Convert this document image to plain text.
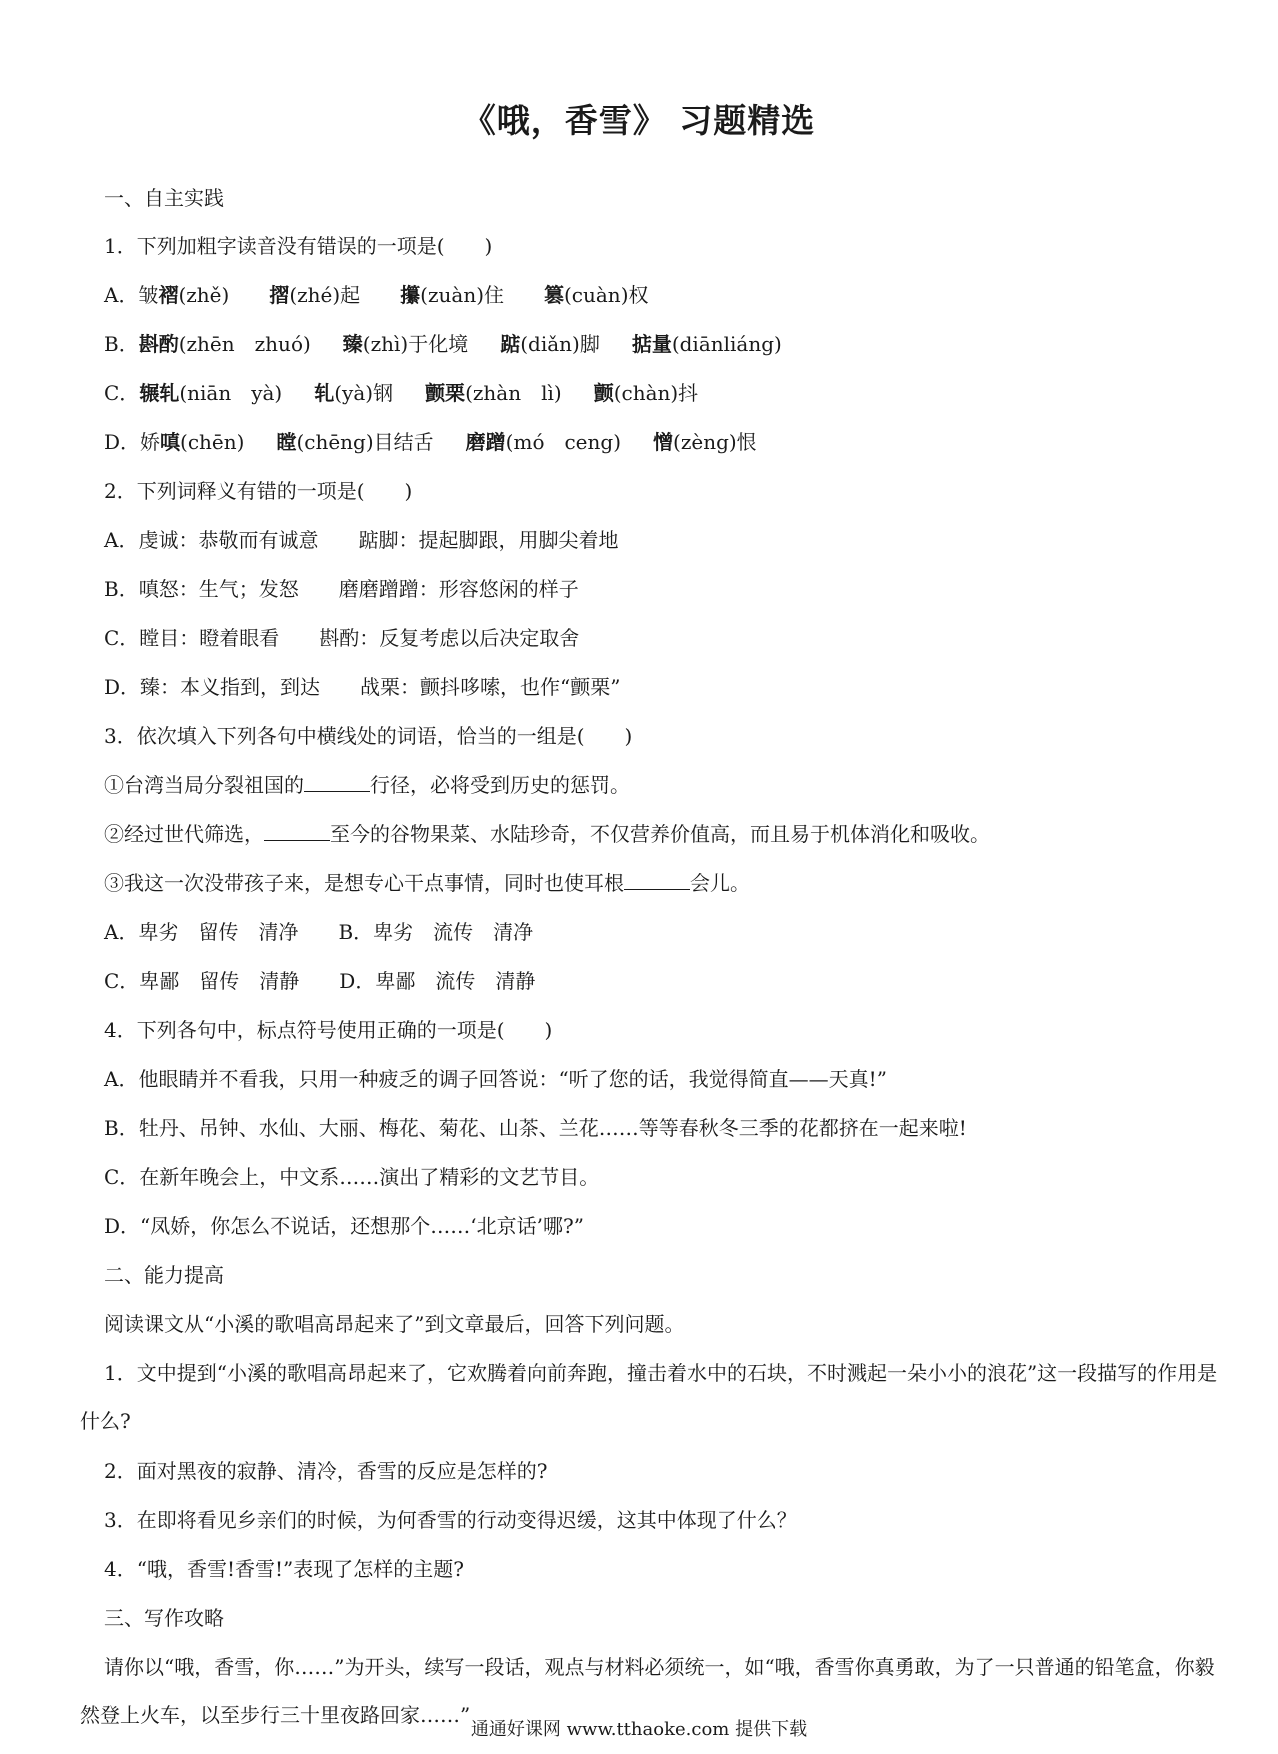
《哦，香雪》 习题精选
一、自主实践
1．下列加粗字读音没有错误的一项是(　　)
A．皱褶(zhě) 摺(zhé)起 攥(zuàn)住 篡(cuàn)权
B．斟酌(zhēn　zhuó) 臻(zhì)于化境 踮(diǎn)脚 掂量(diānliáng)
C．辗轧(niān　yà) 轧(yà)钢 颤栗(zhàn　lì) 颤(chàn)抖
D．娇嗔(chēn) 瞠(chēng)目结舌 磨蹭(mó　ceng) 憎(zèng)恨
2．下列词释义有错的一项是(　　)
A．虔诚：恭敬而有诚意　　踮脚：提起脚跟，用脚尖着地
B．嗔怒：生气；发怒　　磨磨蹭蹭：形容悠闲的样子
C．瞠目：瞪着眼看　　斟酌：反复考虑以后决定取舍
D．臻：本义指到，到达　　战栗：颤抖哆嗦，也作“颤栗”
3．依次填入下列各句中横线处的词语，恰当的一组是(　　)
①台湾当局分裂祖国的	行径，必将受到历史的惩罚。
②经过世代筛选，	至今的谷物果菜、水陆珍奇，不仅营养价值高，而且易于机体消化和吸收。
③我这一次没带孩子来，是想专心干点事情，同时也使耳根	会儿。
A．卑劣　留传　清净　　B．卑劣　流传　清净
C．卑鄙　留传　清静　　D．卑鄙　流传　清静
4．下列各句中，标点符号使用正确的一项是(　　)
A．他眼睛并不看我，只用一种疲乏的调子回答说：“听了您的话，我觉得简直——天真!”
B．牡丹、吊钟、水仙、大丽、梅花、菊花、山茶、兰花……等等春秋冬三季的花都挤在一起来啦!
C．在新年晚会上，中文系……演出了精彩的文艺节目。
D．“凤娇，你怎么不说话，还想那个……‘北京话’哪?”
二、能力提高
阅读课文从“小溪的歌唱高昂起来了”到文章最后，回答下列问题。
1．文中提到“小溪的歌唱高昂起来了，它欢腾着向前奔跑，撞击着水中的石块，不时溅起一朵小小的浪花”这一段描写的作用是什么?
2．面对黑夜的寂静、清冷，香雪的反应是怎样的?
3．在即将看见乡亲们的时候，为何香雪的行动变得迟缓，这其中体现了什么？
4．“哦，香雪!香雪!”表现了怎样的主题?
三、写作攻略
请你以“哦，香雪，你……”为开头，续写一段话，观点与材料必须统一，如“哦，香雪你真勇敢，为了一只普通的铅笔盒，你毅然登上火车，以至步行三十里夜路回家……”
通通好课网 www.tthaoke.com 提供下载
